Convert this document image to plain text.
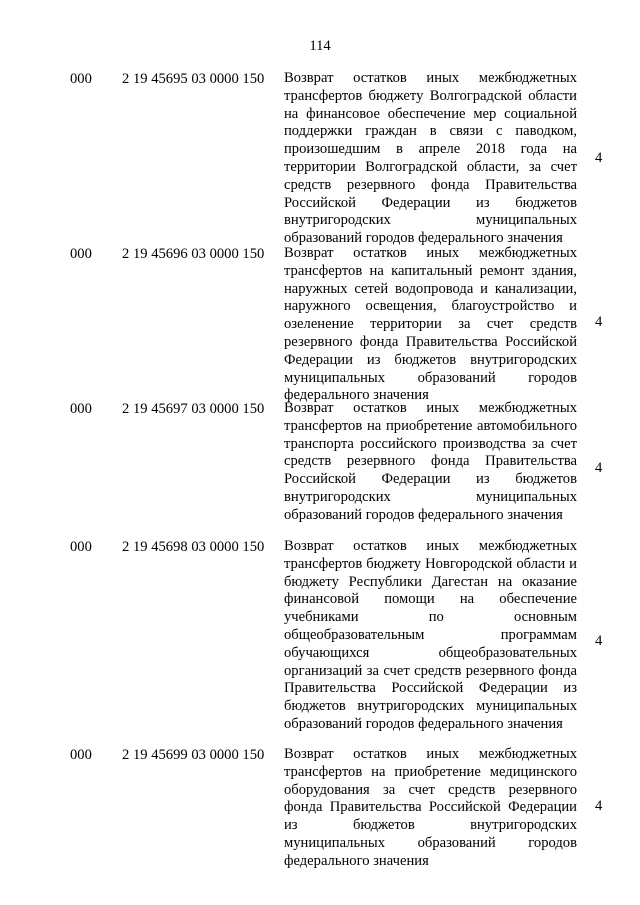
114
000 2 19 45695 03 0000 150 Возврат остатков иных межбюджетных трансфертов бюджету Волгоградской области на финансовое обеспечение мер социальной поддержки граждан в связи с паводком, произошедшим в апреле 2018 года на территории Волгоградской области, за счет средств резервного фонда Правительства Российской Федерации из бюджетов внутригородских муниципальных образований городов федерального значения
4
000 2 19 45696 03 0000 150 Возврат остатков иных межбюджетных трансфертов на капитальный ремонт здания, наружных сетей водопровода и канализации, наружного освещения, благоустройство и озеленение территории за счет средств резервного фонда Правительства Российской Федерации из бюджетов внутригородских муниципальных образований городов федерального значения
4
000 2 19 45697 03 0000 150 Возврат остатков иных межбюджетных трансфертов на приобретение автомобильного транспорта российского производства за счет средств резервного фонда Правительства Российской Федерации из бюджетов внутригородских муниципальных образований городов федерального значения
4
000 2 19 45698 03 0000 150 Возврат остатков иных межбюджетных трансфертов бюджету Новгородской области и бюджету Республики Дагестан на оказание финансовой помощи на обеспечение учебниками по основным общеобразовательным программам обучающихся общеобразовательных организаций за счет средств резервного фонда Правительства Российской Федерации из бюджетов внутригородских муниципальных образований городов федерального значения
4
000 2 19 45699 03 0000 150 Возврат остатков иных межбюджетных трансфертов на приобретение медицинского оборудования за счет средств резервного фонда Правительства Российской Федерации из бюджетов внутригородских муниципальных образований городов федерального значения
4
